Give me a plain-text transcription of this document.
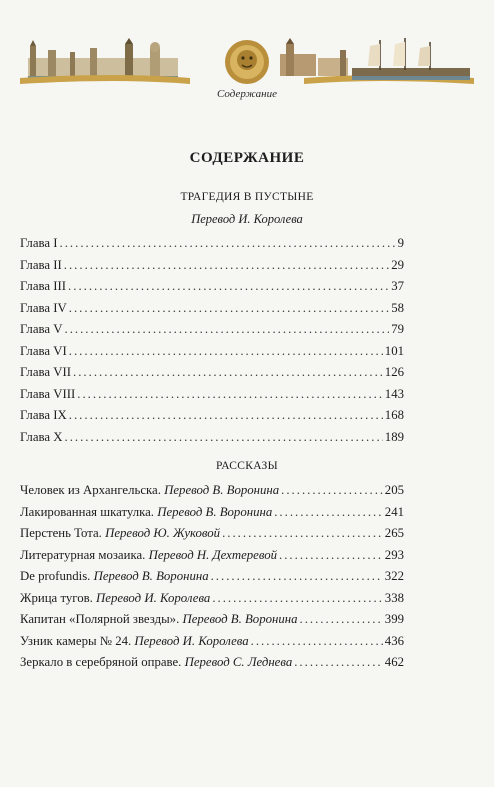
Содержание
СОДЕРЖАНИЕ
ТРАГЕДИЯ В ПУСТЫНЕ
Перевод И. Королева
Глава I .....	9
Глава II .....	29
Глава III .....	37
Глава IV .....	58
Глава V .....	79
Глава VI .....	101
Глава VII .....	126
Глава VIII .....	143
Глава IX .....	168
Глава X .....	189
РАССКАЗЫ
Человек из Архангельска. Перевод В. Воронина .....	205
Лакированная шкатулка. Перевод В. Воронина .....	241
Перстень Тота. Перевод Ю. Жуковой .....	265
Литературная мозаика. Перевод Н. Дехтеревой .....	293
De profundis. Перевод В. Воронина .....	322
Жрица тугов. Перевод И. Королева .....	338
Капитан «Полярной звезды». Перевод В. Воронина .....	399
Узник камеры № 24. Перевод И. Королева .....	436
Зеркало в серебряной оправе. Перевод С. Леднева .....	462
